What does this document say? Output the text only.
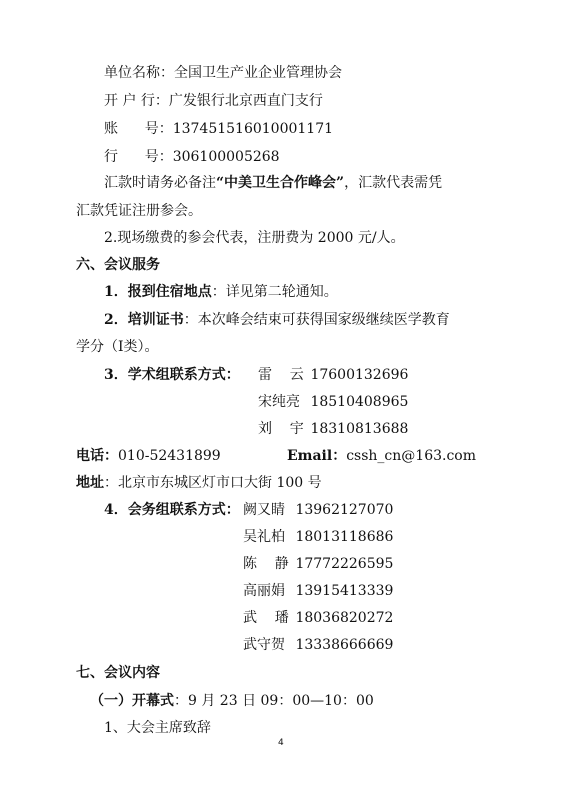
单位名称：全国卫生产业企业管理协会
开 户 行：广发银行北京西直门支行
账      号：137451516010001171
行      号：306100005268
汇款时请务必备注“中美卫生合作峰会”，汇款代表需凭
汇款凭证注册参会。
2.现场缴费的参会代表，注册费为 2000 元/人。
六、会议服务
1．报到住宿地点：详见第二轮通知。
2．培训证书：本次峰会结束可获得国家级继续医学教育
学分（I类）。
3．学术组联系方式： 雷    云 17600132696
宋纯亮 18510408965
刘    宇 18310813688
电话：010-52431899	Email：cssh_cn@163.com
地址：北京市东城区灯市口大街 100 号
4．会务组联系方式： 阙又睛 13962127070
吴礼柏 18013118686
陈    静 17772226595
高丽娟 13915413339
武    璠 18036820272
武守贺 13338666669
七、会议内容
（一）开幕式：9 月 23 日 09：00—10：00
1、大会主席致辞
4
